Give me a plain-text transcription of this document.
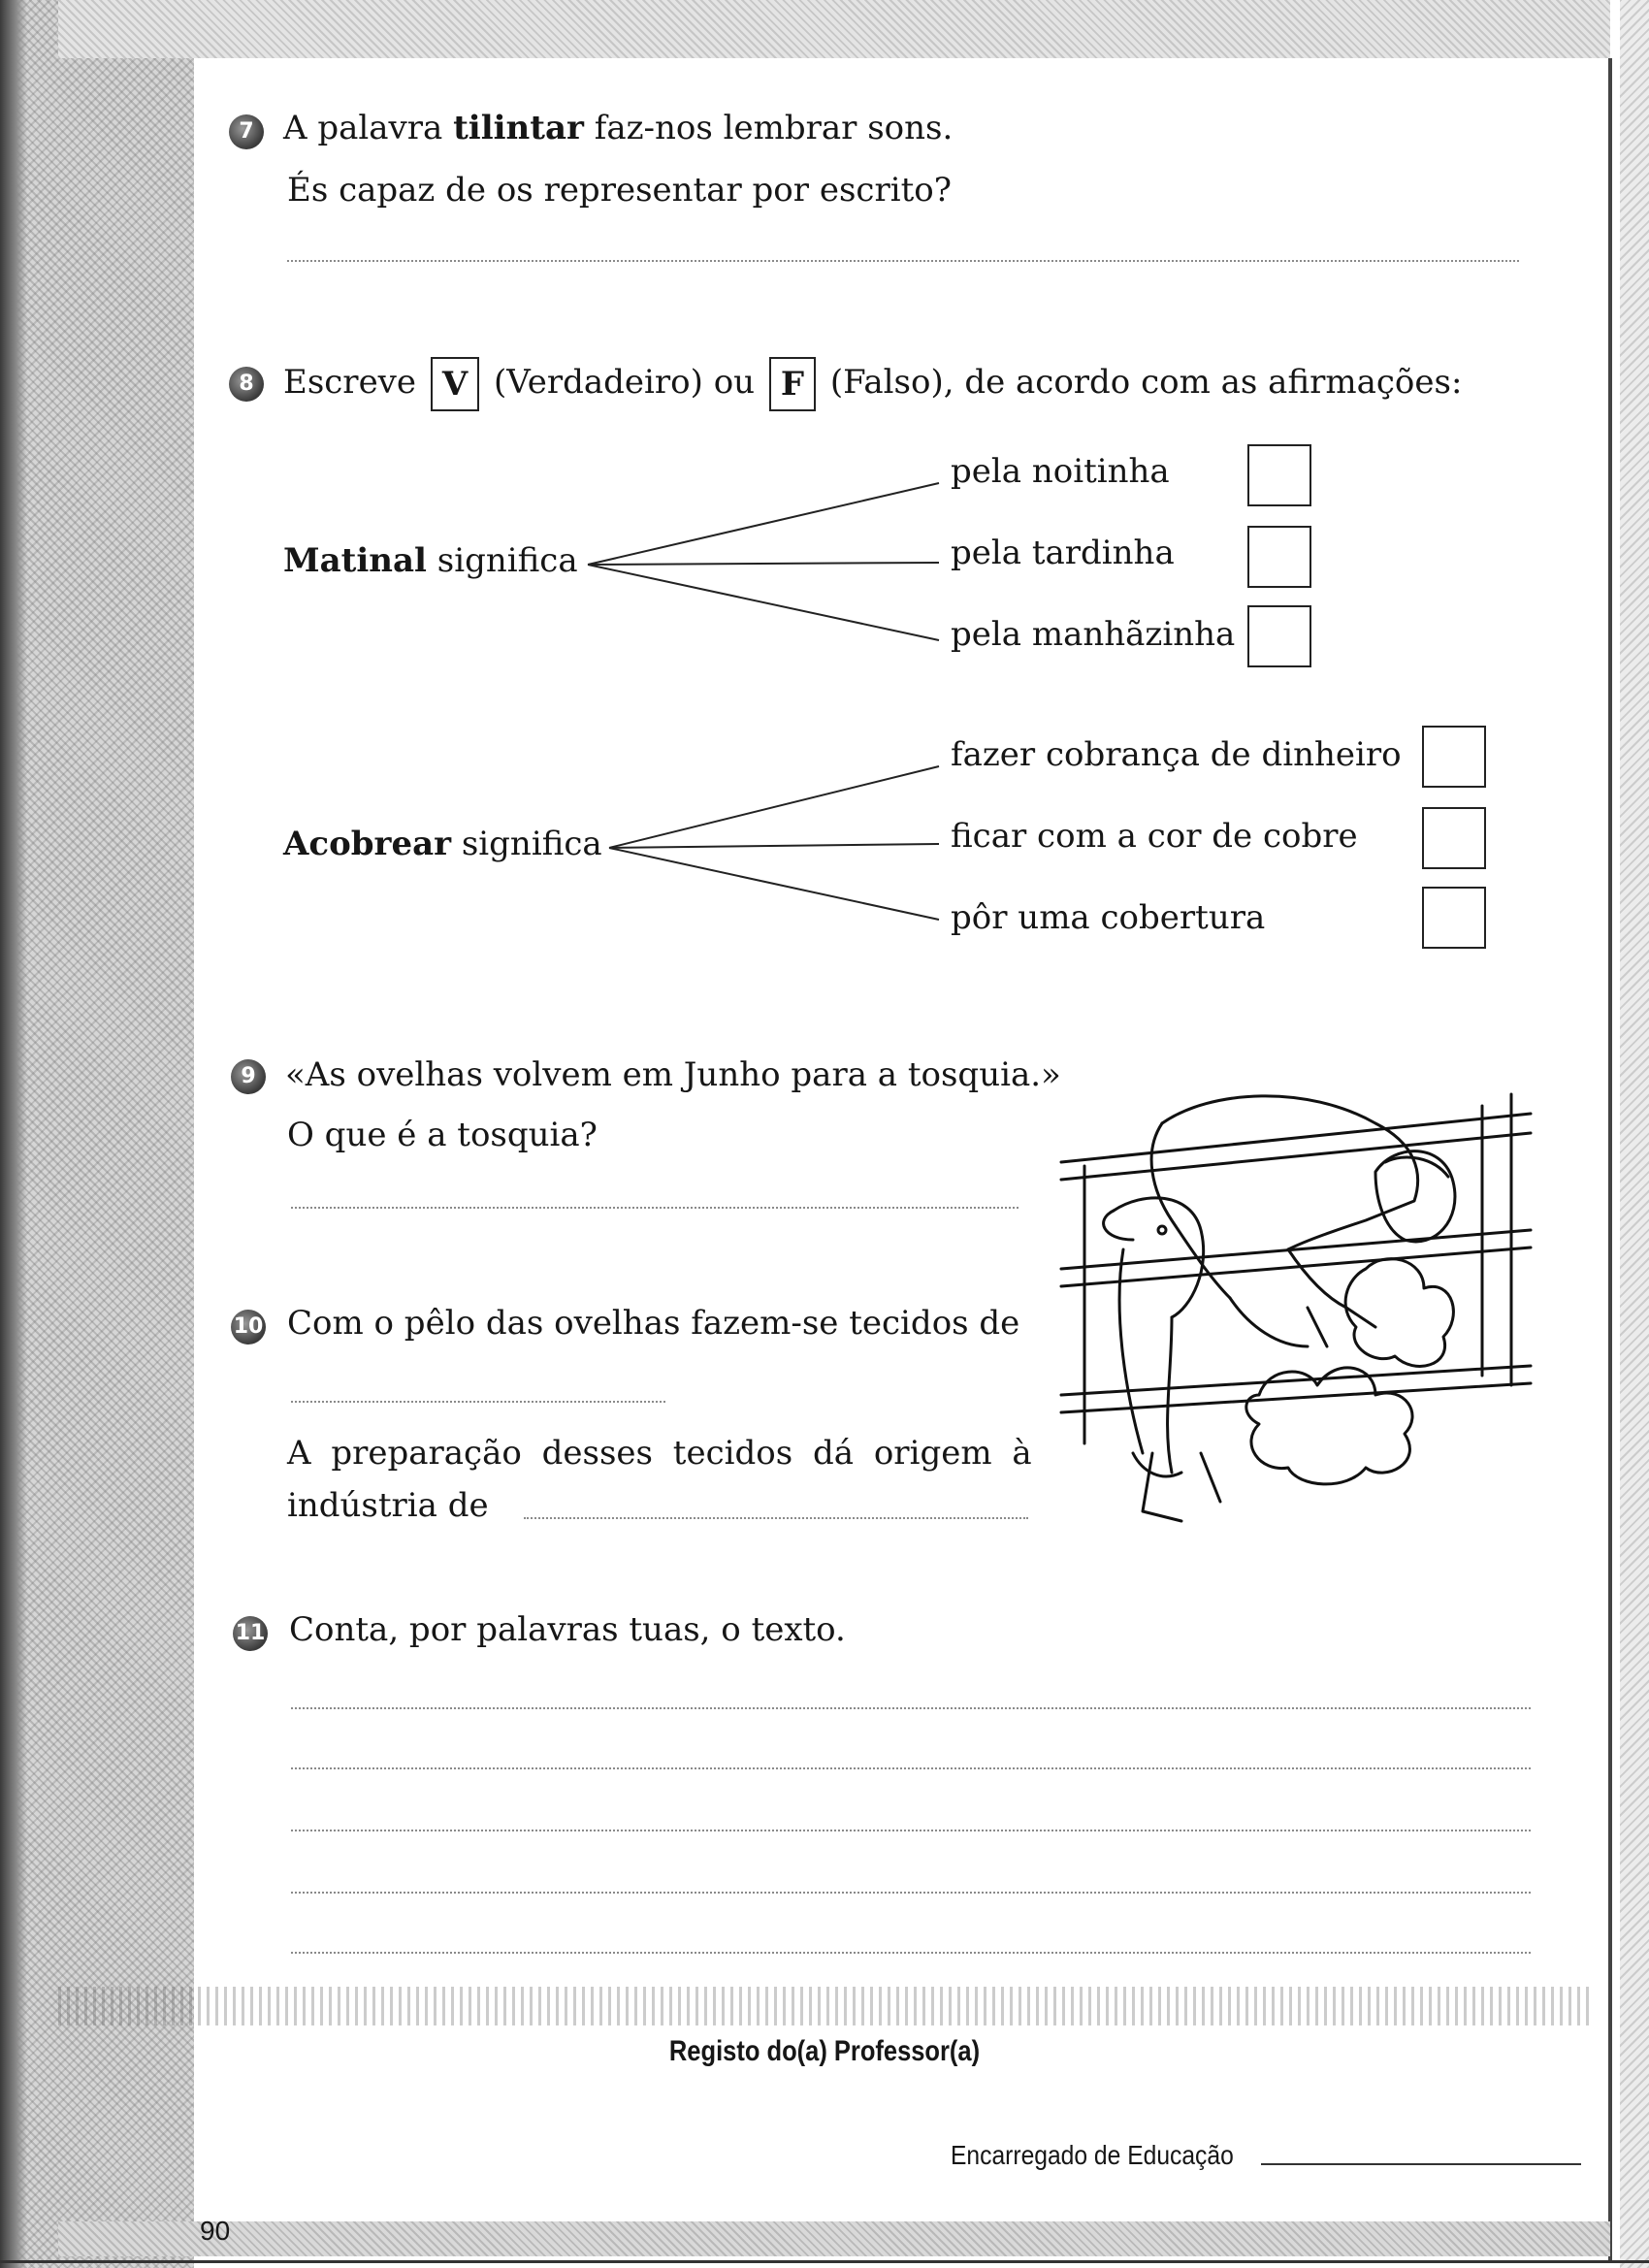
7 A palavra tilintar faz-nos lembrar sons.
És capaz de os representar por escrito?
8 Escreve V (Verdadeiro) ou F (Falso), de acordo com as afirmações:
Matinal significa
pela noitinha
pela tardinha
pela manhãzinha
Acobrear significa
fazer cobrança de dinheiro
ficar com a cor de cobre
pôr uma cobertura
9 «As ovelhas volvem em Junho para a tosquia.»
O que é a tosquia?
10 Com o pêlo das ovelhas fazem-se tecidos de
A preparação desses tecidos dá origem à
indústria de
11 Conta, por palavras tuas, o texto.
Registo do(a) Professor(a)
Encarregado de Educação
90
